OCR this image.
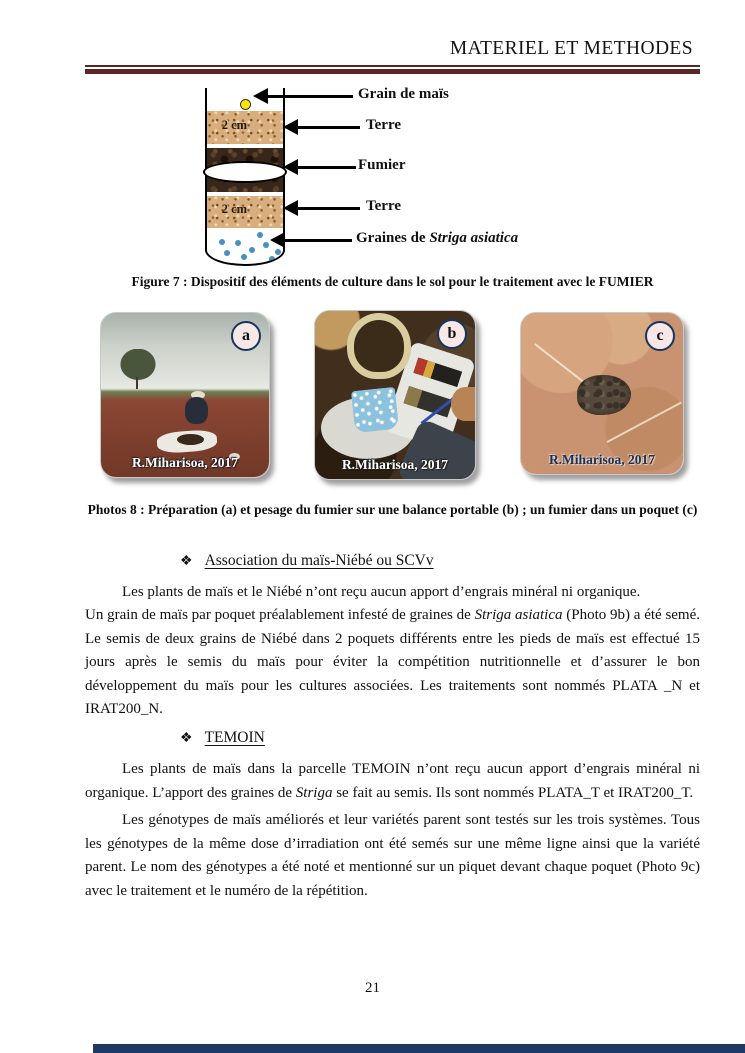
MATERIEL ET METHODES
2 cm
2 cm
Grain de maïs
Terre
Fumier
Terre
Graines de Striga asiatica
Figure 7 : Dispositif des éléments de culture dans le sol pour le traitement avec le FUMIER
a
R.Miharisoa, 2017
b
R.Miharisoa, 2017
c
R.Miharisoa, 2017
Photos 8 : Préparation (a) et pesage du fumier sur une balance portable (b) ; un fumier dans un poquet (c)
❖ Association du maïs-Niébé ou SCVv

Les plants de maïs et le Niébé n’ont reçu aucun apport d’engrais minéral ni organique.

Un grain de maïs par poquet préalablement infesté de graines de Striga asiatica (Photo 9b) a été semé. Le semis de deux grains de Niébé dans 2 poquets différents entre les pieds de maïs est effectué 15 jours après le semis du maïs pour éviter la compétition nutritionnelle et d’assurer le bon développement du maïs pour les cultures associées. Les traitements sont nommés PLATA _N et IRAT200_N.

❖ TEMOIN

Les plants de maïs dans la parcelle TEMOIN n’ont reçu aucun apport d’engrais minéral ni organique. L’apport des graines de Striga se fait au semis. Ils sont nommés PLATA_T et IRAT200_T.

Les génotypes de maïs améliorés et leur variétés parent sont testés sur les trois systèmes. Tous les génotypes de la même dose d’irradiation ont été semés sur une même ligne ainsi que la variété parent. Le nom des génotypes a été noté et mentionné sur un piquet devant chaque poquet (Photo 9c) avec le traitement et le numéro de la répétition.

21
